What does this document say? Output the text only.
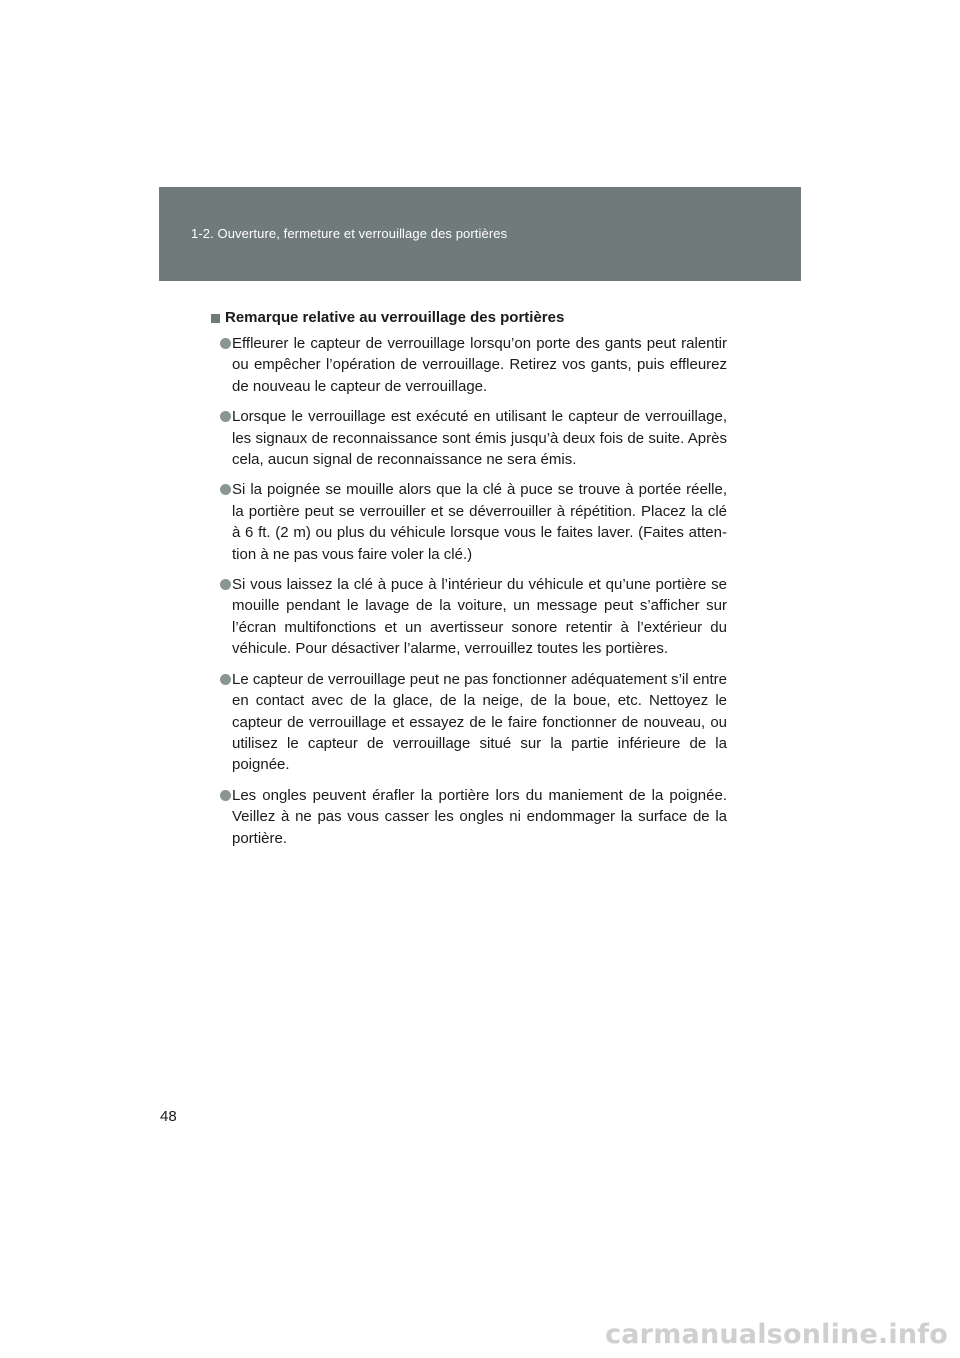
1-2. Ouverture, fermeture et verrouillage des portières
Remarque relative au verrouillage des portières
Effleurer le capteur de verrouillage lorsqu’on porte des gants peut ralentir ou empêcher l’opération de verrouillage. Retirez vos gants, puis effleurez de nouveau le capteur de verrouillage.
Lorsque le verrouillage est exécuté en utilisant le capteur de verrouillage, les signaux de reconnaissance sont émis jusqu’à deux fois de suite. Après cela, aucun signal de reconnaissance ne sera émis.
Si la poignée se mouille alors que la clé à puce se trouve à portée réelle, la portière peut se verrouiller et se déverrouiller à répétition. Placez la clé à 6 ft. (2 m) ou plus du véhicule lorsque vous le faites laver. (Faites atten-tion à ne pas vous faire voler la clé.)
Si vous laissez la clé à puce à l’intérieur du véhicule et qu’une portière se mouille pendant le lavage de la voiture, un message peut s’afficher sur l’écran multifonctions et un avertisseur sonore retentir à l’extérieur du véhicule. Pour désactiver l’alarme, verrouillez toutes les portières.
Le capteur de verrouillage peut ne pas fonctionner adéquatement s’il entre en contact avec de la glace, de la neige, de la boue, etc. Nettoyez le capteur de verrouillage et essayez de le faire fonctionner de nouveau, ou utilisez le capteur de verrouillage situé sur la partie inférieure de la poignée.
Les ongles peuvent érafler la portière lors du maniement de la poignée. Veillez à ne pas vous casser les ongles ni endommager la surface de la portière.
48
carmanualsonline.info
